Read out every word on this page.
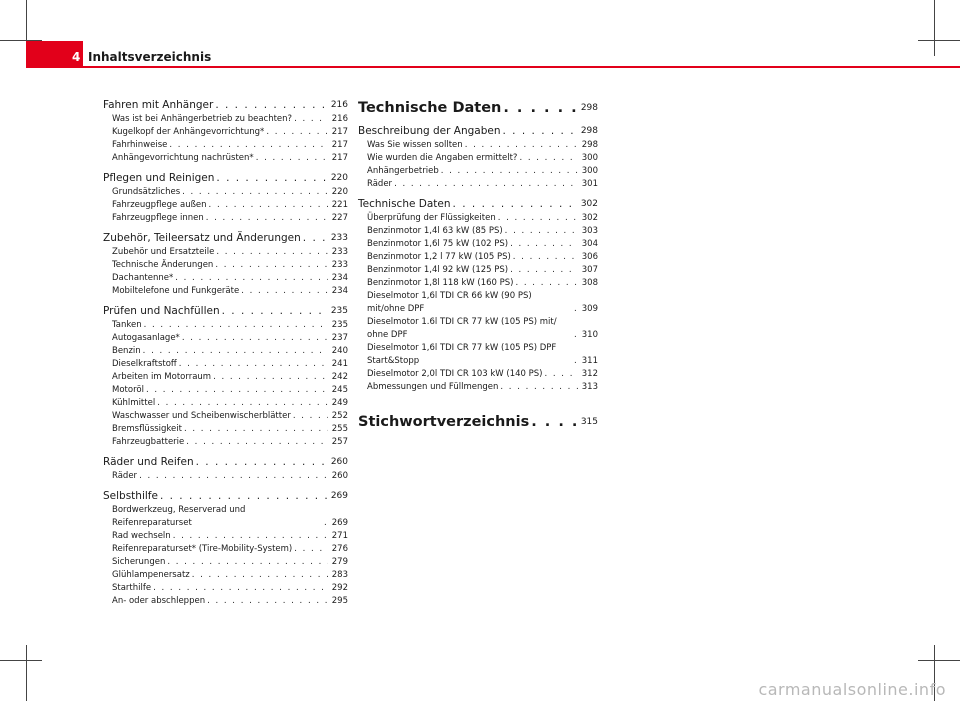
4 Inhaltsverzeichnis
Fahren mit Anhänger . . .	216
Was ist bei Anhängerbetrieb zu beachten? . . .	216
Kugelkopf der Anhängevorrichtung* . . .	217
Fahrhinweise . . .	217
Anhängevorrichtung nachrüsten* . . .	217
Pflegen und Reinigen . . .	220
Grundsätzliches . . .	220
Fahrzeugpflege außen . . .	221
Fahrzeugpflege innen . . .	227
Zubehör, Teileersatz und Änderungen . . .	233
Zubehör und Ersatzteile . . .	233
Technische Änderungen . . .	233
Dachantenne* . . .	234
Mobiltelefone und Funkgeräte . . .	234
Prüfen und Nachfüllen . . .	235
Tanken . . .	235
Autogasanlage* . . .	237
Benzin . . .	240
Dieselkraftstoff . . .	241
Arbeiten im Motorraum . . .	242
Motoröl . . .	245
Kühlmittel . . .	249
Waschwasser und Scheibenwischerblätter . . .	252
Bremsflüssigkeit . . .	255
Fahrzeugbatterie . . .	257
Räder und Reifen . . .	260
Räder . . .	260
Selbsthilfe . . .	269
Bordwerkzeug, Reserverad und Reifenreparaturset . . .	269
Rad wechseln . . .	271
Reifenreparaturset* (Tire-Mobility-System) . . .	276
Sicherungen . . .	279
Glühlampenersatz . . .	283
Starthilfe . . .	292
An- oder abschleppen . . .	295
Technische Daten . . .	298
Beschreibung der Angaben . . .	298
Was Sie wissen sollten . . .	298
Wie wurden die Angaben ermittelt? . . .	300
Anhängerbetrieb . . .	300
Räder . . .	301
Technische Daten . . .	302
Überprüfung der Flüssigkeiten . . .	302
Benzinmotor 1,4l 63 kW (85 PS) . . .	303
Benzinmotor 1,6l 75 kW (102 PS) . . .	304
Benzinmotor 1,2 l 77 kW (105 PS) . . .	306
Benzinmotor 1,4l 92 kW (125 PS) . . .	307
Benzinmotor 1,8l 118 kW (160 PS) . . .	308
Dieselmotor 1,6l TDI CR 66 kW (90 PS) mit/ohne DPF . . .	309
Dieselmotor 1.6l TDI CR 77 kW (105 PS) mit/ ohne DPF . . .	310
Dieselmotor 1,6l TDI CR 77 kW (105 PS) DPF Start&Stopp . . .	311
Dieselmotor 2,0l TDI CR 103 kW (140 PS) . . .	312
Abmessungen und Füllmengen . . .	313
Stichwortverzeichnis . . .	315
carmanualsonline.info
